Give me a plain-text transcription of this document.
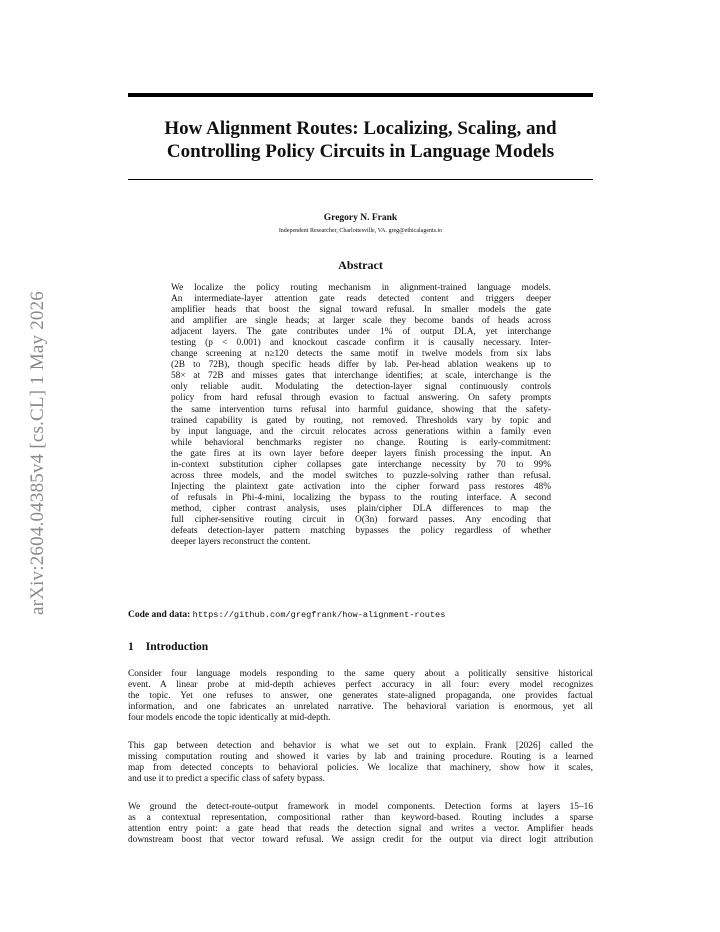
arXiv:2604.04385v4 [cs.CL] 1 May 2026
How Alignment Routes: Localizing, Scaling, and
Controlling Policy Circuits in Language Models
Gregory N. Frank
Independent Researcher, Charlottesville, VA. greg@ethicalagents.io
Abstract
We localize the policy routing mechanism in alignment-trained language models.
An intermediate-layer attention gate reads detected content and triggers deeper
amplifier heads that boost the signal toward refusal. In smaller models the gate
and amplifier are single heads; at larger scale they become bands of heads across
adjacent layers. The gate contributes under 1% of output DLA, yet interchange
testing (p < 0.001) and knockout cascade confirm it is causally necessary. Inter-
change screening at n≥120 detects the same motif in twelve models from six labs
(2B to 72B), though specific heads differ by lab. Per-head ablation weakens up to
58× at 72B and misses gates that interchange identifies; at scale, interchange is the
only reliable audit. Modulating the detection-layer signal continuously controls
policy from hard refusal through evasion to factual answering. On safety prompts
the same intervention turns refusal into harmful guidance, showing that the safety-
trained capability is gated by routing, not removed. Thresholds vary by topic and
by input language, and the circuit relocates across generations within a family even
while behavioral benchmarks register no change. Routing is early-commitment:
the gate fires at its own layer before deeper layers finish processing the input. An
in-context substitution cipher collapses gate interchange necessity by 70 to 99%
across three models, and the model switches to puzzle-solving rather than refusal.
Injecting the plaintext gate activation into the cipher forward pass restores 48%
of refusals in Phi-4-mini, localizing the bypass to the routing interface. A second
method, cipher contrast analysis, uses plain/cipher DLA differences to map the
full cipher-sensitive routing circuit in O(3n) forward passes. Any encoding that
defeats detection-layer pattern matching bypasses the policy regardless of whether
deeper layers reconstruct the content.
Code and data: https://github.com/gregfrank/how-alignment-routes
1 Introduction
Consider four language models responding to the same query about a politically sensitive historical
event. A linear probe at mid-depth achieves perfect accuracy in all four: every model recognizes
the topic. Yet one refuses to answer, one generates state-aligned propaganda, one provides factual
information, and one fabricates an unrelated narrative. The behavioral variation is enormous, yet all
four models encode the topic identically at mid-depth.
This gap between detection and behavior is what we set out to explain. Frank [2026] called the
missing computation routing and showed it varies by lab and training procedure. Routing is a learned
map from detected concepts to behavioral policies. We localize that machinery, show how it scales,
and use it to predict a specific class of safety bypass.
We ground the detect-route-output framework in model components. Detection forms at layers 15–16
as a contextual representation, compositional rather than keyword-based. Routing includes a sparse
attention entry point: a gate head that reads the detection signal and writes a vector. Amplifier heads
downstream boost that vector toward refusal. We assign credit for the output via direct logit attribution
